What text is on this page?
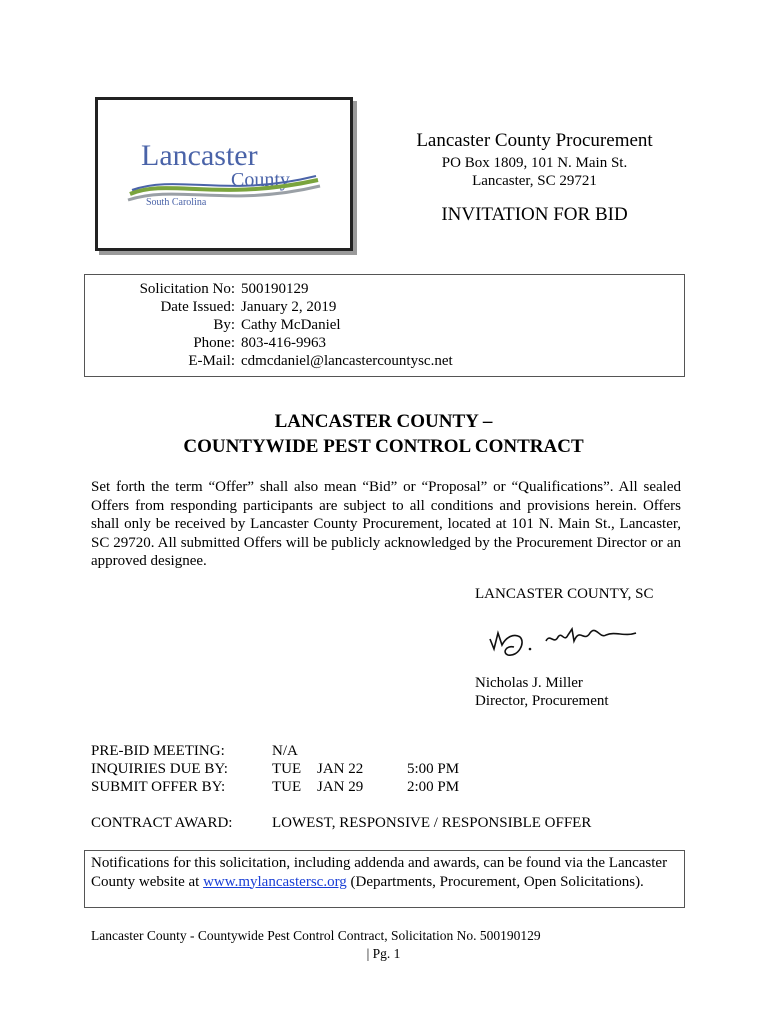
Lancaster
County
South Carolina
Lancaster County Procurement
PO Box 1809, 101 N. Main St.
Lancaster, SC 29721
INVITATION FOR BID
Solicitation No: 500190129
Date Issued: January 2, 2019
By: Cathy McDaniel
Phone: 803-416-9963
E-Mail: cdmcdaniel@lancastercountysc.net
LANCASTER COUNTY –
COUNTYWIDE PEST CONTROL CONTRACT
Set forth the term “Offer” shall also mean “Bid” or “Proposal” or “Qualifications”. All sealed Offers from responding participants are subject to all conditions and provisions herein. Offers shall only be received by Lancaster County Procurement, located at 101 N. Main St., Lancaster, SC 29720. All submitted Offers will be publicly acknowledged by the Procurement Director or an approved designee.
LANCASTER COUNTY, SC
Nicholas J. Miller
Director, Procurement
PRE-BID MEETING:	N/A
INQUIRIES DUE BY:	TUE JAN 22	5:00 PM
SUBMIT OFFER BY:	TUE JAN 29	2:00 PM
CONTRACT AWARD:	LOWEST, RESPONSIVE / RESPONSIBLE OFFER
Notifications for this solicitation, including addenda and awards, can be found via the Lancaster County website at www.mylancastersc.org (Departments, Procurement, Open Solicitations).
Lancaster County - Countywide Pest Control Contract, Solicitation No. 500190129
| Pg. 1
